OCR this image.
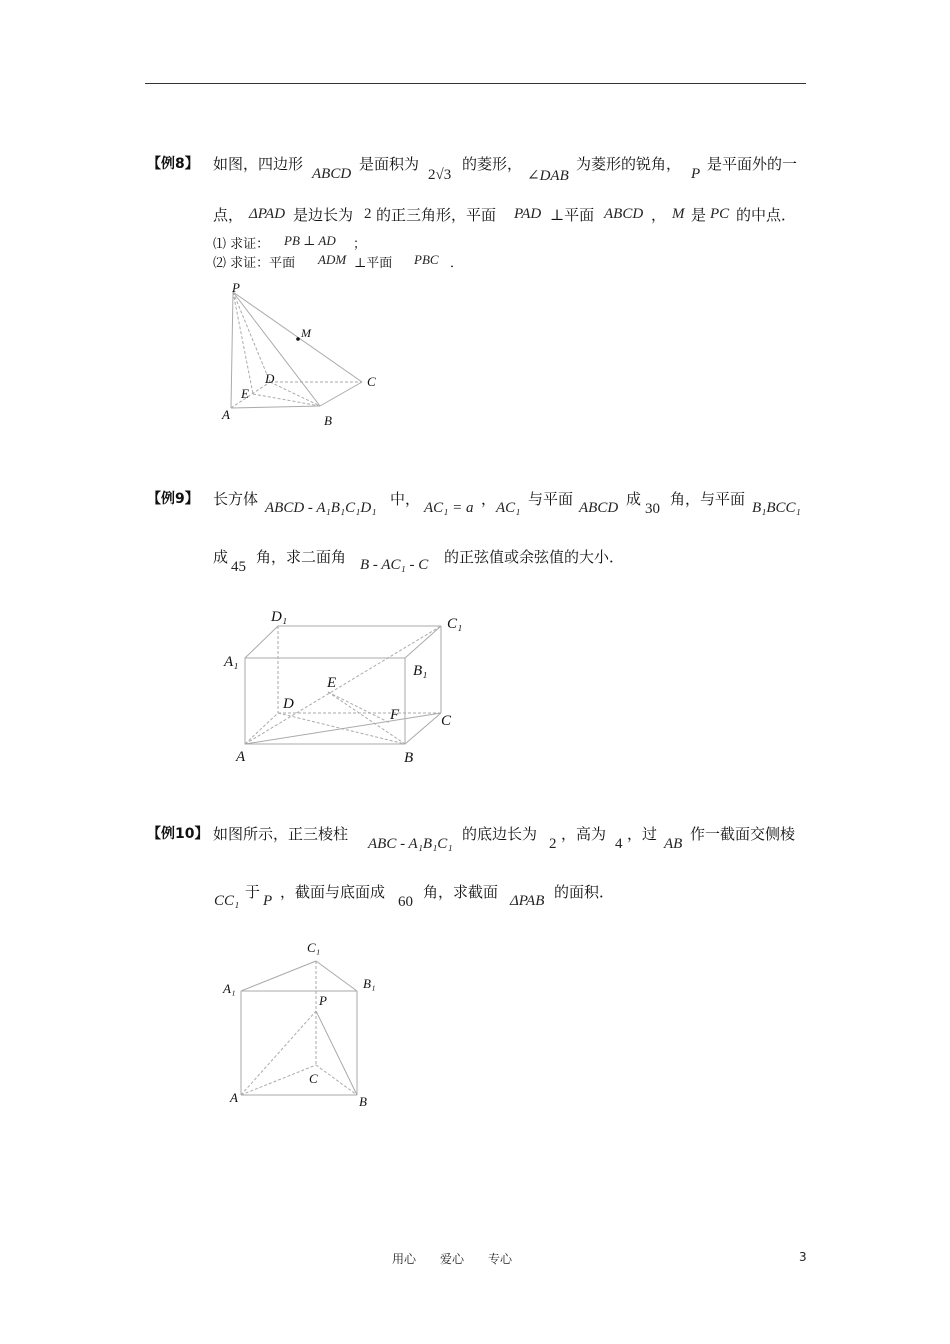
【例8】 如图，四边形
ABCD
是面积为
2√3
的菱形，
∠DAB
为菱形的锐角，
P
是平面外的一
点， ΔPAD 是边长为 2 的正三角形，平面 PAD ⊥平面 ABCD ， M 是 PC 的中点．
⑴ 求证： PB ⊥ AD ；
⑵ 求证：平面 ADM ⊥平面 PBC ．
P
M
D	C
E
A	B
【例9】 长方体 ABCD - A₁B₁C₁D₁ 中， AC₁ = a ， AC₁ 与平面 ABCD 成
30
角，与平面 B₁BCC₁
成
45
角，求二面角 B - AC₁ - C 的正弦值或余弦值的大小．
D₁	C₁
A₁
B₁
E
D
F	C
A	B
【例10】 如图所示，正三棱柱
ABC - A₁B₁C₁
的底边长为
2
，高为
4
，过
AB
作一截面交侧棱
CC₁ 于 P ，截面与底面成
60
角，求截面 ΔPAB 的面积．
C₁
A₁	B₁
P
C
A	B
用心　　爱心　　专心	3
